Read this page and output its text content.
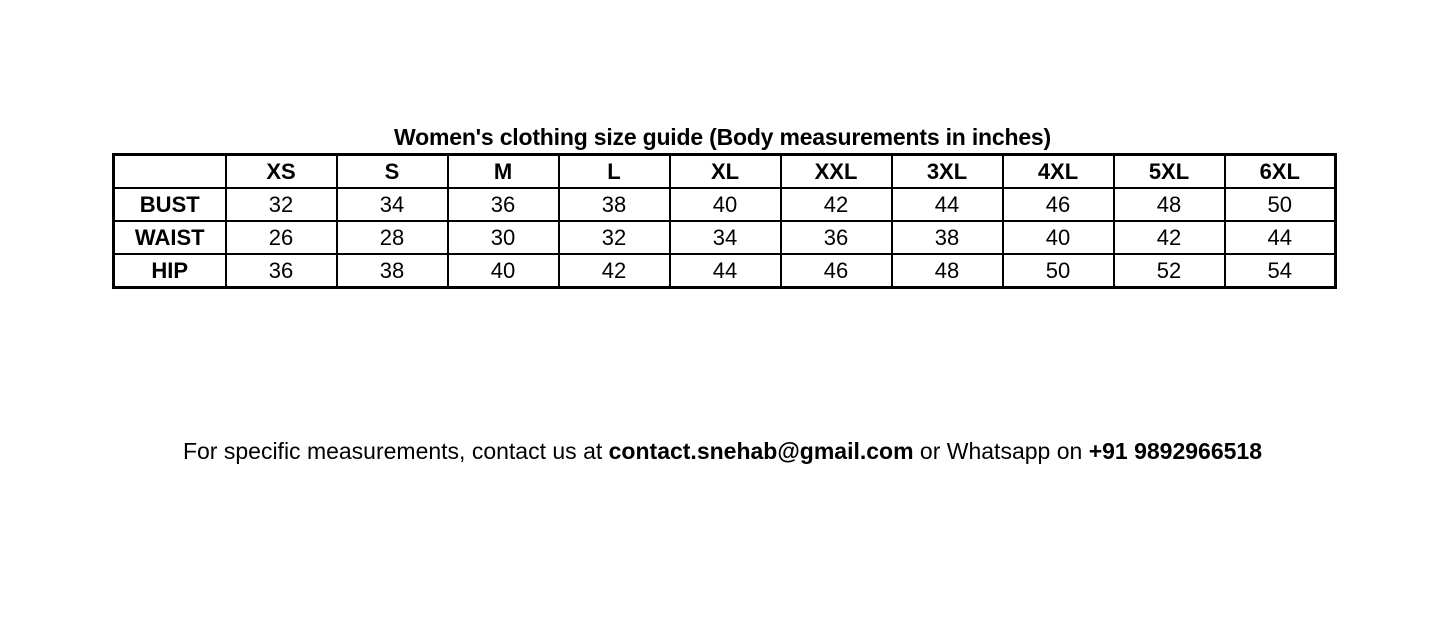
Women's clothing size guide (Body measurements in inches)
	XS	S	M	L	XL	XXL	3XL	4XL	5XL	6XL
BUST	32	34	36	38	40	42	44	46	48	50
WAIST	26	28	30	32	34	36	38	40	42	44
HIP	36	38	40	42	44	46	48	50	52	54
For specific measurements, contact us at contact.snehab@gmail.com or Whatsapp on +91 9892966518
